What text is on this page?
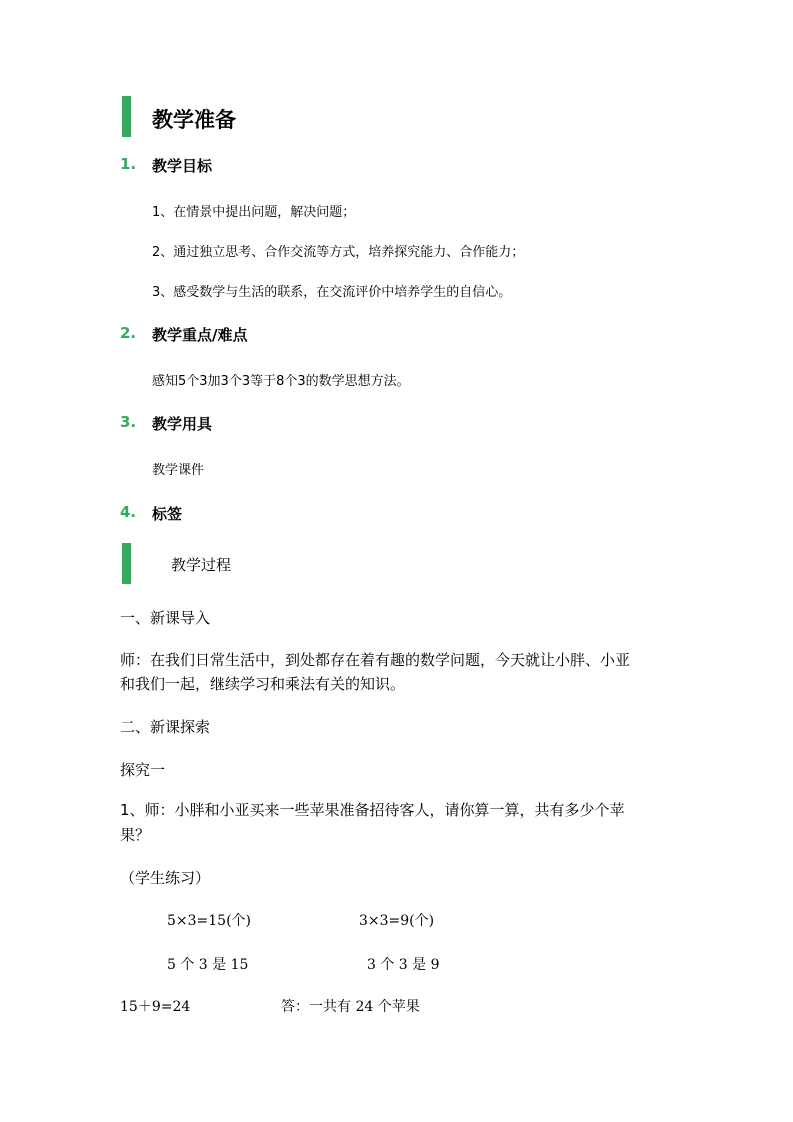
教学准备
1. 教学目标
1、在情景中提出问题，解决问题；
2、通过独立思考、合作交流等方式，培养探究能力、合作能力；
3、感受数学与生活的联系，在交流评价中培养学生的自信心。
2. 教学重点/难点
感知5个3加3个3等于8个3的数学思想方法。
3. 教学用具
教学课件
4. 标签
教学过程
一、新课导入
师：在我们日常生活中，到处都存在着有趣的数学问题，今天就让小胖、小亚
和我们一起，继续学习和乘法有关的知识。
二、新课探索
探究一
1、师：小胖和小亚买来一些苹果准备招待客人，请你算一算，共有多少个苹
果？
（学生练习）
5×3=15(个)	3×3=9(个)
5 个 3 是 15	3 个 3 是 9
15＋9=24	答：一共有 24 个苹果
